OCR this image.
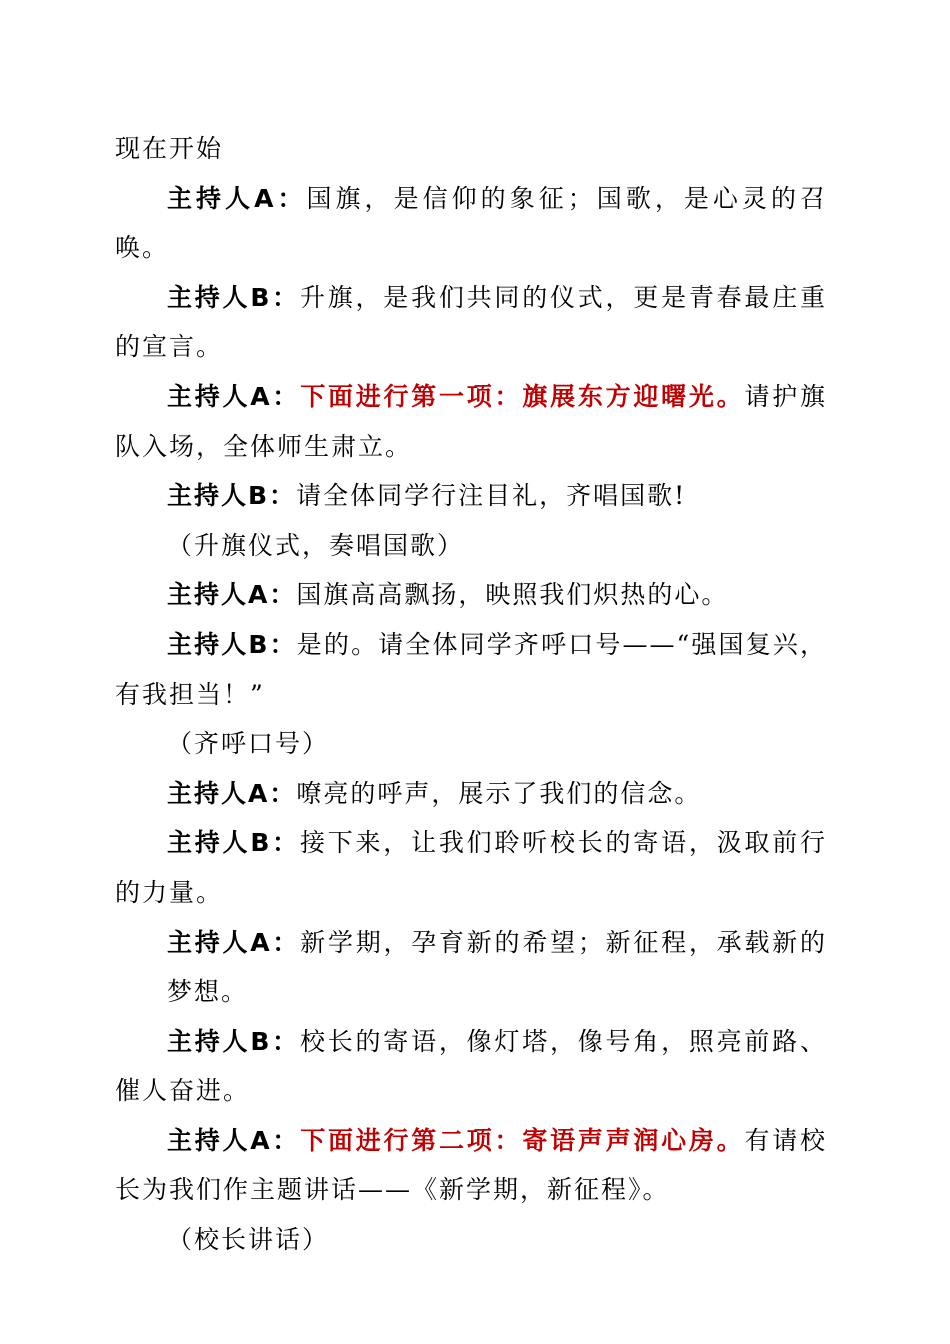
现在开始

主持人A：国旗，是信仰的象征；国歌，是心灵的召唤。

主持人B：升旗，是我们共同的仪式，更是青春最庄重的宣言。

主持人A：下面进行第一项：旗展东方迎曙光。请护旗队入场，全体师生肃立。

主持人B：请全体同学行注目礼，齐唱国歌!

（升旗仪式，奏唱国歌）

主持人A：国旗高高飘扬，映照我们炽热的心。

主持人B：是的。请全体同学齐呼口号——“强国复兴，有我担当！”

（齐呼口号）

主持人A：嘹亮的呼声，展示了我们的信念。

主持人B：接下来，让我们聆听校长的寄语，汲取前行的力量。

主持人A：新学期，孕育新的希望；新征程，承载新的梦想。

主持人B：校长的寄语，像灯塔，像号角，照亮前路、催人奋进。

主持人A：下面进行第二项：寄语声声润心房。有请校长为我们作主题讲话——《新学期，新征程》。

（校长讲话）
